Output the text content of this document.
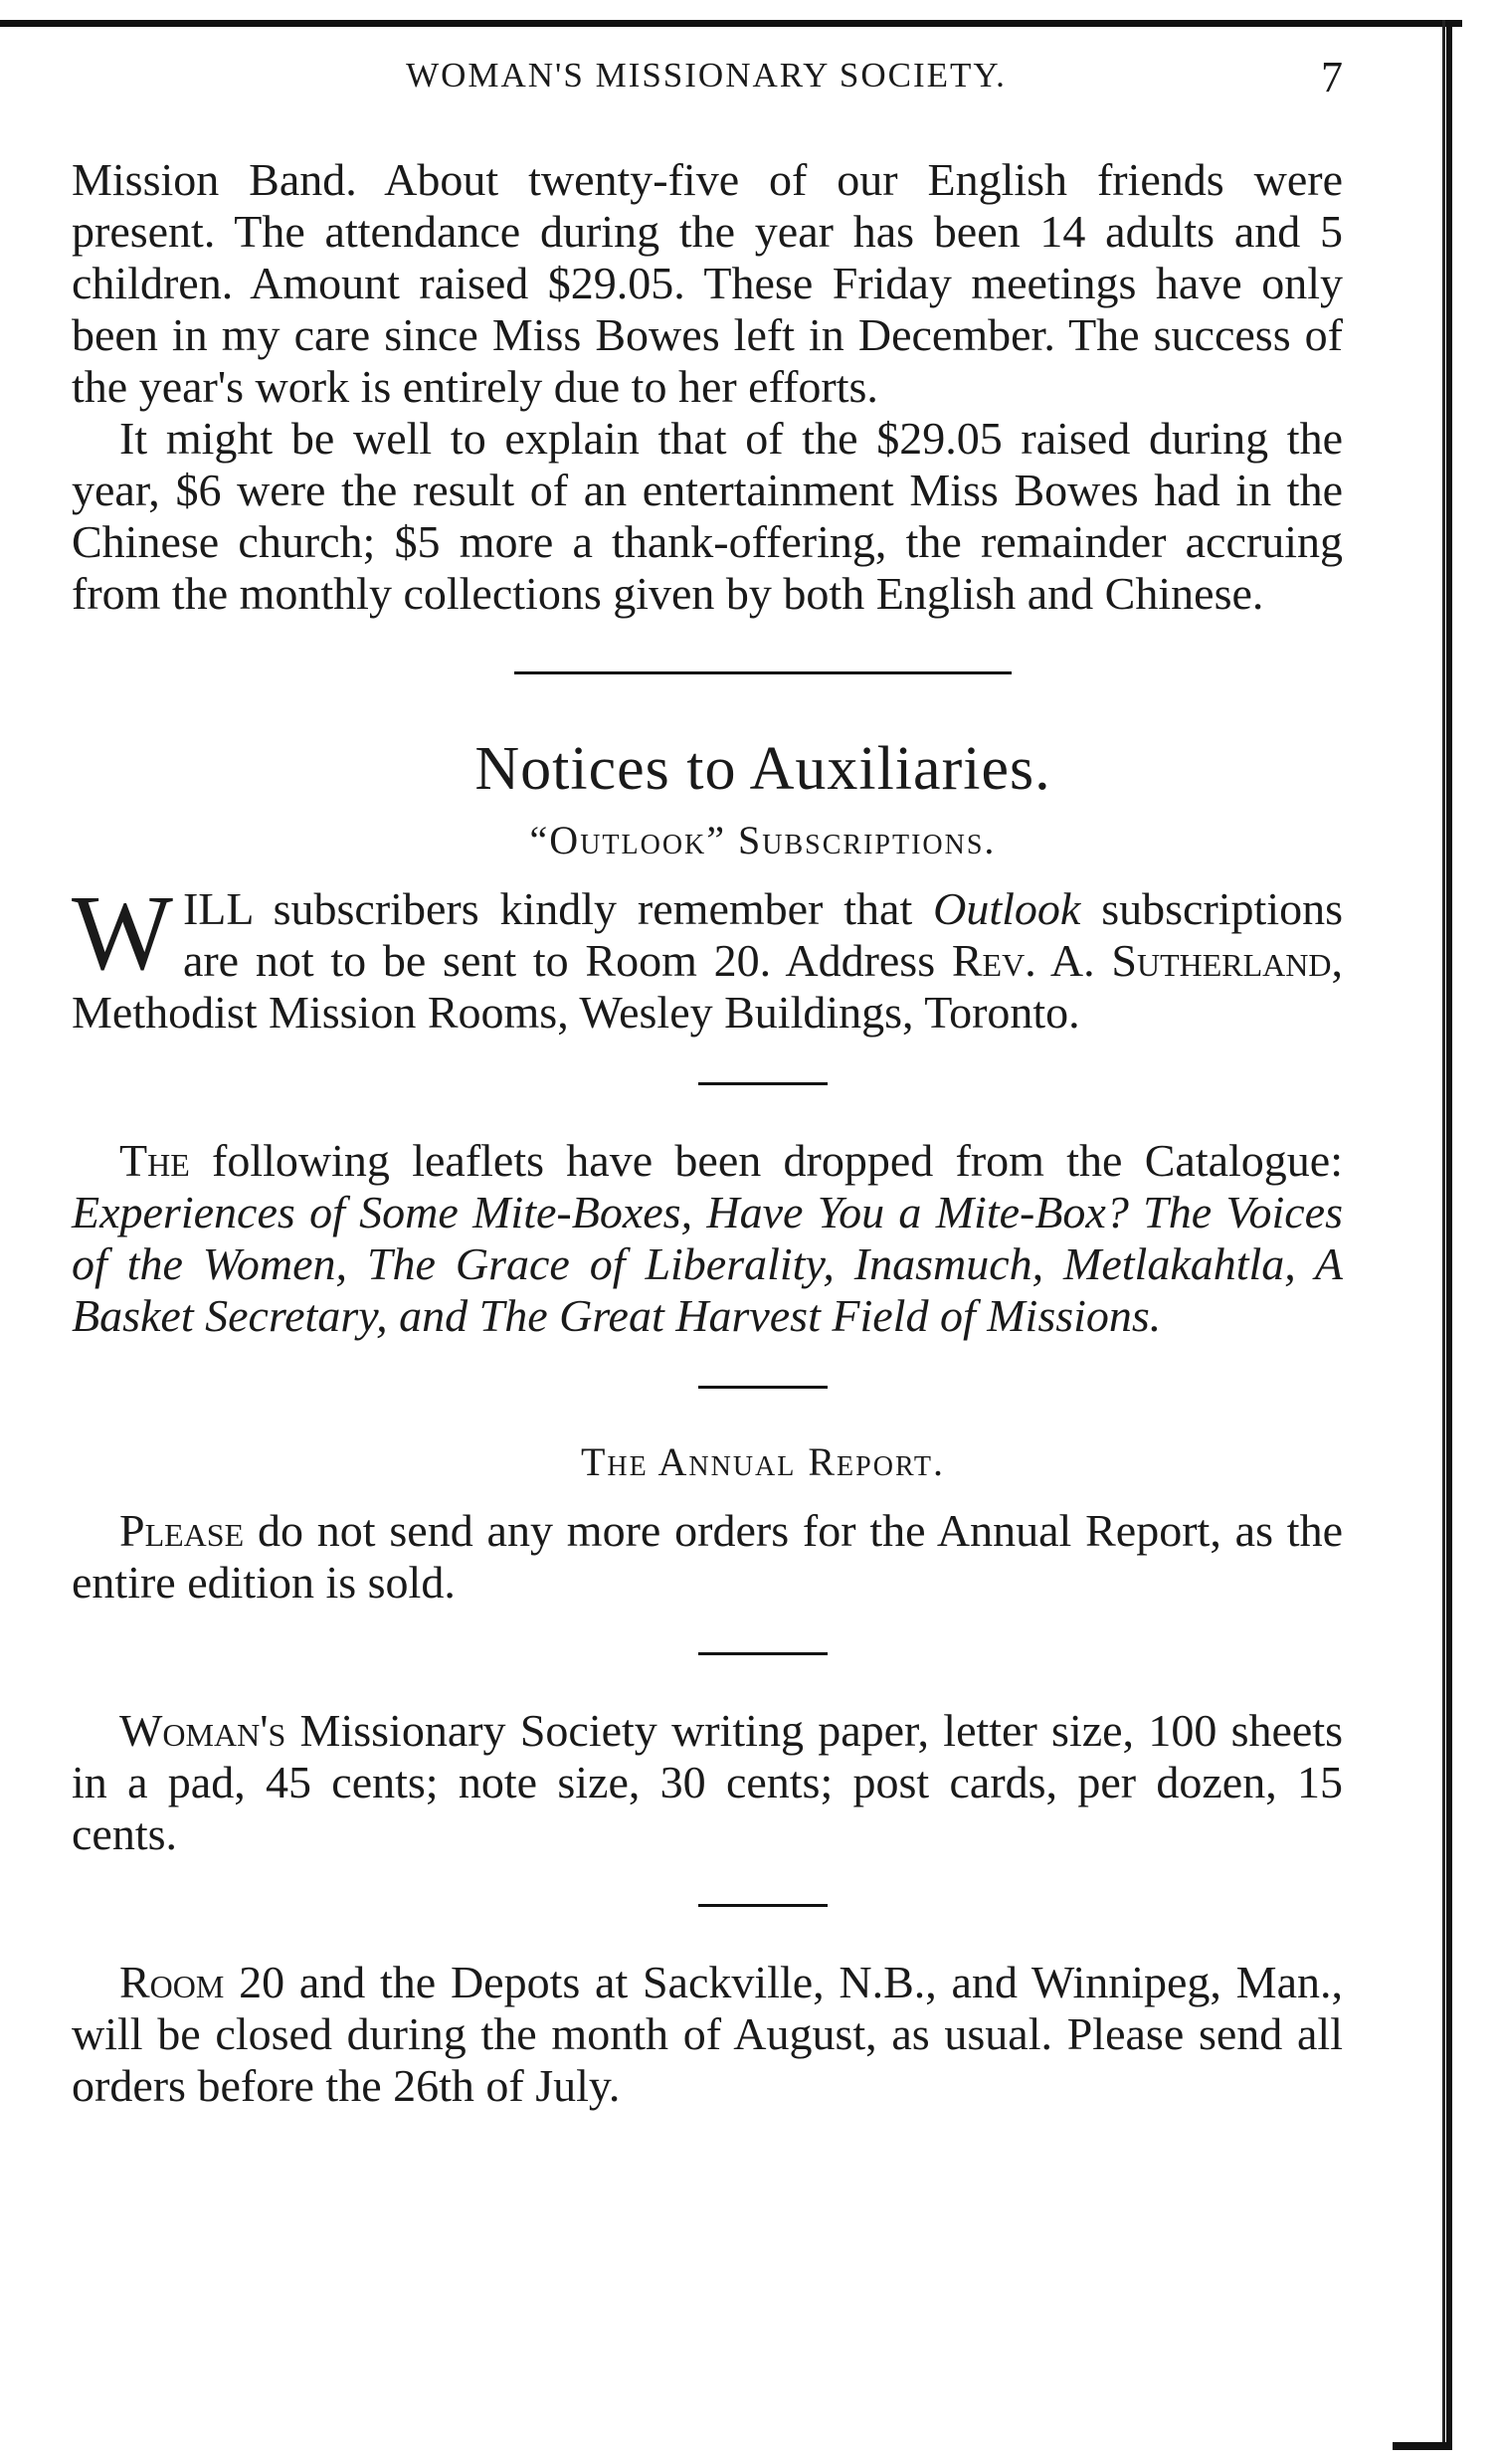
WOMAN'S MISSIONARY SOCIETY.	7

Mission Band. About twenty-five of our English friends were present. The attendance during the year has been 14 adults and 5 children. Amount raised $29.05. These Friday meetings have only been in my care since Miss Bowes left in December. The success of the year's work is entirely due to her efforts.

It might be well to explain that of the $29.05 raised during the year, $6 were the result of an entertainment Miss Bowes had in the Chinese church; $5 more a thank-offering, the remainder accruing from the monthly collections given by both English and Chinese.

Notices to Auxiliaries.
“Outlook” Subscriptions.

WILL subscribers kindly remember that Outlook subscriptions are not to be sent to Room 20. Address Rev. A. Sutherland, Methodist Mission Rooms, Wesley Buildings, Toronto.

The following leaflets have been dropped from the Catalogue: Experiences of Some Mite-Boxes, Have You a Mite-Box? The Voices of the Women, The Grace of Liberality, Inasmuch, Metlakahtla, A Basket Secretary, and The Great Harvest Field of Missions.

The Annual Report.

Please do not send any more orders for the Annual Report, as the entire edition is sold.

Woman's Missionary Society writing paper, letter size, 100 sheets in a pad, 45 cents; note size, 30 cents; post cards, per dozen, 15 cents.

Room 20 and the Depots at Sackville, N.B., and Winnipeg, Man., will be closed during the month of August, as usual. Please send all orders before the 26th of July.
